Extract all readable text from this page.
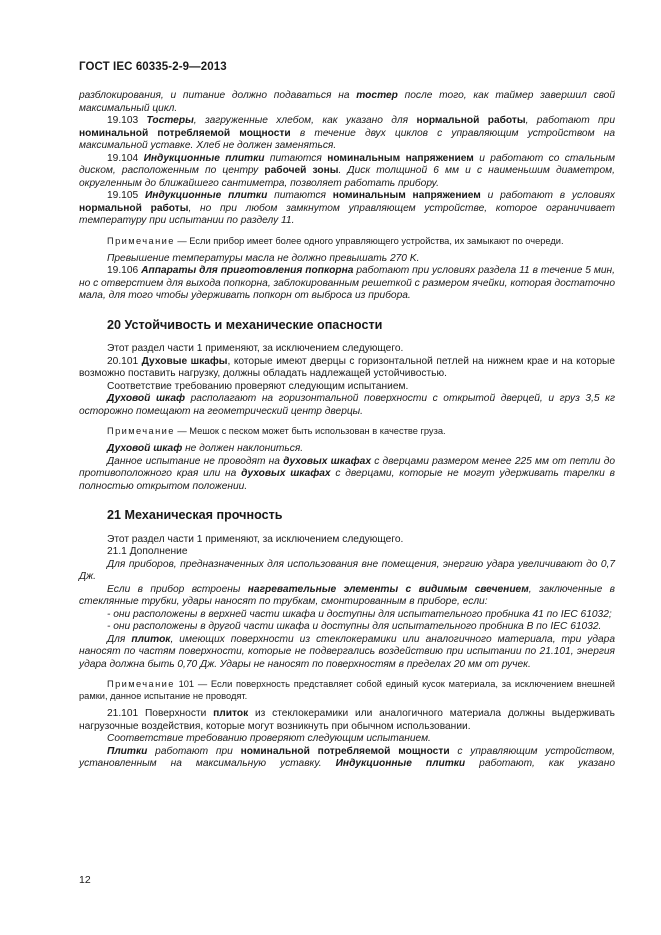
ГОСТ IEC 60335-2-9—2013

разблокирования, и питание должно подаваться на тостер после того, как таймер завершил свой максимальный цикл.

19.103 Тостеры, загруженные хлебом, как указано для нормальной работы, работают при номинальной потребляемой мощности в течение двух циклов с управляющим устройством на максимальной уставке. Хлеб не должен заменяться.

19.104 Индукционные плитки питаются номинальным напряжением и работают со стальным диском, расположенным по центру рабочей зоны. Диск толщиной 6 мм и с наименьшим диаметром, округленным до ближайшего сантиметра, позволяет работать прибору.

19.105 Индукционные плитки питаются номинальным напряжением и работают в условиях нормальной работы, но при любом замкнутом управляющем устройстве, которое ограничивает температуру при испытании по разделу 11.

Примечание — Если прибор имеет более одного управляющего устройства, их замыкают по очереди.

Превышение температуры масла не должно превышать 270 K.

19.106 Аппараты для приготовления попкорна работают при условиях раздела 11 в течение 5 мин, но с отверстием для выхода попкорна, заблокированным решеткой с размером ячейки, которая достаточно мала, для того чтобы удерживать попкорн от выброса из прибора.

20 Устойчивость и механические опасности

Этот раздел части 1 применяют, за исключением следующего.

20.101 Духовые шкафы, которые имеют дверцы с горизонтальной петлей на нижнем крае и на которые возможно поставить нагрузку, должны обладать надлежащей устойчивостью.

Соответствие требованию проверяют следующим испытанием.

Духовой шкаф располагают на горизонтальной поверхности с открытой дверцей, и груз 3,5 кг осторожно помещают на геометрический центр дверцы.

Примечание — Мешок с песком может быть использован в качестве груза.

Духовой шкаф не должен наклониться.

Данное испытание не проводят на духовых шкафах с дверцами размером менее 225 мм от петли до противоположного края или на духовых шкафах с дверцами, которые не могут удерживать тарелки в полностью открытом положении.

21 Механическая прочность

Этот раздел части 1 применяют, за исключением следующего.

21.1 Дополнение

Для приборов, предназначенных для использования вне помещения, энергию удара увеличивают до 0,7 Дж.

Если в прибор встроены нагревательные элементы с видимым свечением, заключенные в стеклянные трубки, удары наносят по трубкам, смонтированным в приборе, если:

- они расположены в верхней части шкафа и доступны для испытательного пробника 41 по IEC 61032;

- они расположены в другой части шкафа и доступны для испытательного пробника B по IEC 61032.

Для плиток, имеющих поверхности из стеклокерамики или аналогичного материала, три удара наносят по частям поверхности, которые не подвергались воздействию при испытании по 21.101, энергия удара должна быть 0,70 Дж. Удары не наносят по поверхностям в пределах 20 мм от ручек.

Примечание 101 — Если поверхность представляет собой единый кусок материала, за исключением внешней рамки, данное испытание не проводят.

21.101 Поверхности плиток из стеклокерамики или аналогичного материала должны выдерживать нагрузочные воздействия, которые могут возникнуть при обычном использовании.

Соответствие требованию проверяют следующим испытанием.

Плитки работают при номинальной потребляемой мощности с управляющим устройством, установленным на максимальную уставку. Индукционные плитки работают, как указано

12
